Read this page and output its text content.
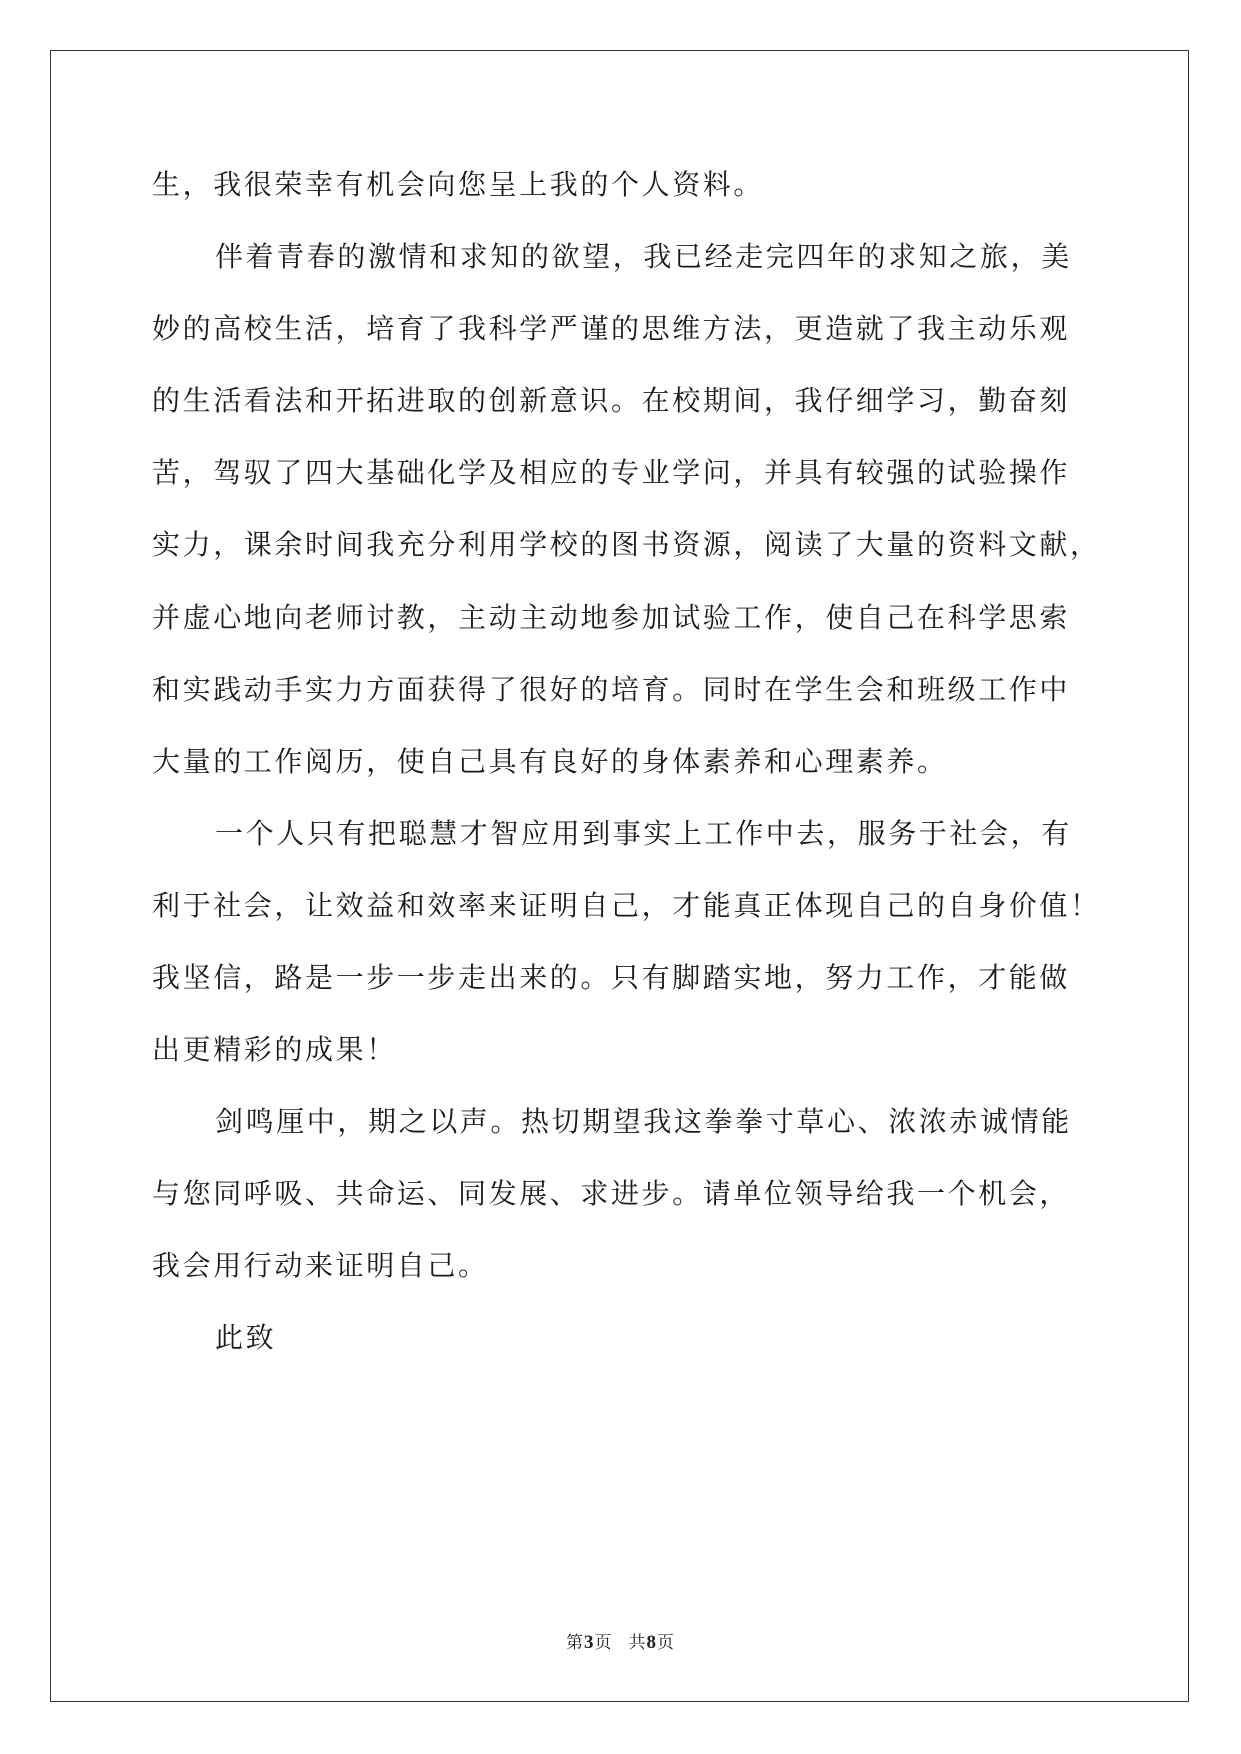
生，我很荣幸有机会向您呈上我的个人资料。
伴着青春的激情和求知的欲望，我已经走完四年的求知之旅，美
妙的高校生活，培育了我科学严谨的思维方法，更造就了我主动乐观
的生活看法和开拓进取的创新意识。在校期间，我仔细学习，勤奋刻
苦，驾驭了四大基础化学及相应的专业学问，并具有较强的试验操作
实力，课余时间我充分利用学校的图书资源，阅读了大量的资料文献，
并虚心地向老师讨教，主动主动地参加试验工作，使自己在科学思索
和实践动手实力方面获得了很好的培育。同时在学生会和班级工作中
大量的工作阅历，使自己具有良好的身体素养和心理素养。
一个人只有把聪慧才智应用到事实上工作中去，服务于社会，有
利于社会，让效益和效率来证明自己，才能真正体现自己的自身价值！
我坚信，路是一步一步走出来的。只有脚踏实地，努力工作，才能做
出更精彩的成果！
剑鸣厘中，期之以声。热切期望我这拳拳寸草心、浓浓赤诚情能
与您同呼吸、共命运、同发展、求进步。请单位领导给我一个机会，
我会用行动来证明自己。
此致
第3页 共8页
